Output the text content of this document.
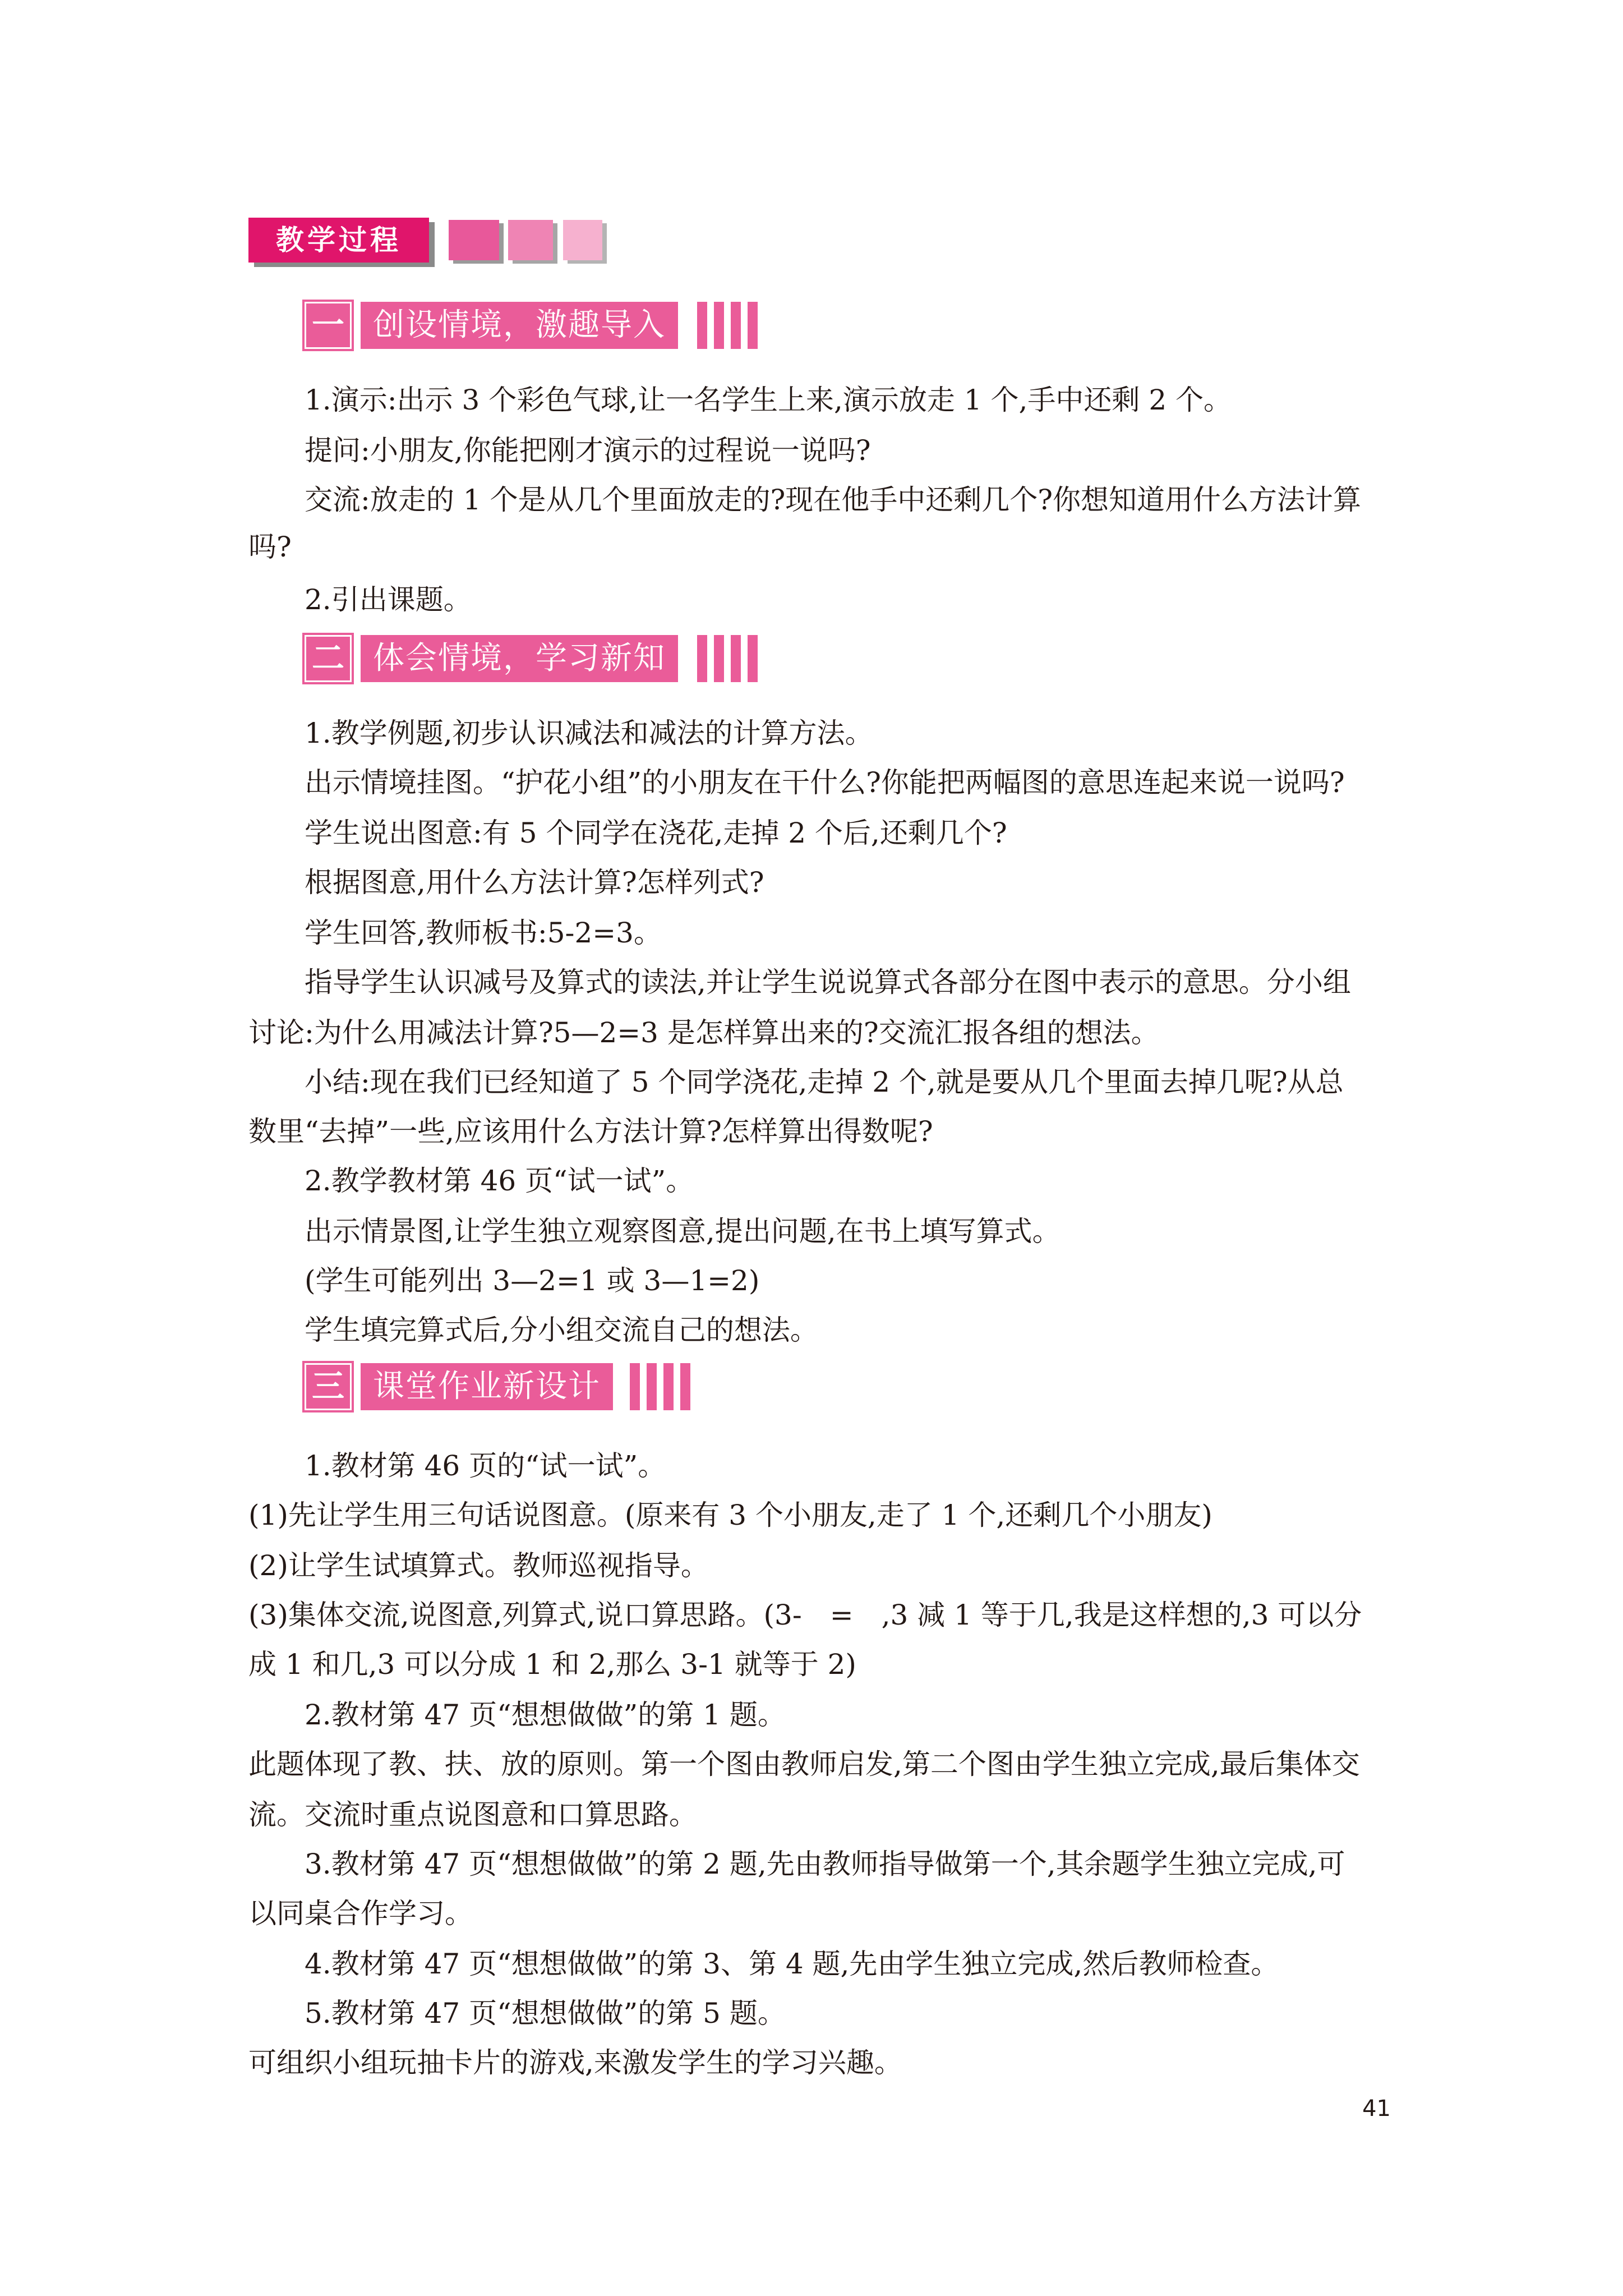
教学过程
一 创设情境，激趣导入
1.演示:出示 3 个彩色气球,让一名学生上来,演示放走 1 个,手中还剩 2 个。
提问:小朋友,你能把刚才演示的过程说一说吗?
交流:放走的 1 个是从几个里面放走的?现在他手中还剩几个?你想知道用什么方法计算
吗?
2.引出课题。
二 体会情境，学习新知
1.教学例题,初步认识减法和减法的计算方法。
出示情境挂图。“护花小组”的小朋友在干什么?你能把两幅图的意思连起来说一说吗?
学生说出图意:有 5 个同学在浇花,走掉 2 个后,还剩几个?
根据图意,用什么方法计算?怎样列式?
学生回答,教师板书:5-2=3。
指导学生认识减号及算式的读法,并让学生说说算式各部分在图中表示的意思。分小组
讨论:为什么用减法计算?5—2=3 是怎样算出来的?交流汇报各组的想法。
小结:现在我们已经知道了 5 个同学浇花,走掉 2 个,就是要从几个里面去掉几呢?从总
数里“去掉”一些,应该用什么方法计算?怎样算出得数呢?
2.教学教材第 46 页“试一试”。
出示情景图,让学生独立观察图意,提出问题,在书上填写算式。
(学生可能列出 3—2=1 或 3—1=2)
学生填完算式后,分小组交流自己的想法。
三 课堂作业新设计
1.教材第 46 页的“试一试”。
(1)先让学生用三句话说图意。(原来有 3 个小朋友,走了 1 个,还剩几个小朋友)
(2)让学生试填算式。教师巡视指导。
(3)集体交流,说图意,列算式,说口算思路。(3-　=　,3 减 1 等于几,我是这样想的,3 可以分
成 1 和几,3 可以分成 1 和 2,那么 3-1 就等于 2)
2.教材第 47 页“想想做做”的第 1 题。
此题体现了教、扶、放的原则。第一个图由教师启发,第二个图由学生独立完成,最后集体交
流。交流时重点说图意和口算思路。
3.教材第 47 页“想想做做”的第 2 题,先由教师指导做第一个,其余题学生独立完成,可
以同桌合作学习。
4.教材第 47 页“想想做做”的第 3、第 4 题,先由学生独立完成,然后教师检查。
5.教材第 47 页“想想做做”的第 5 题。
可组织小组玩抽卡片的游戏,来激发学生的学习兴趣。
41
